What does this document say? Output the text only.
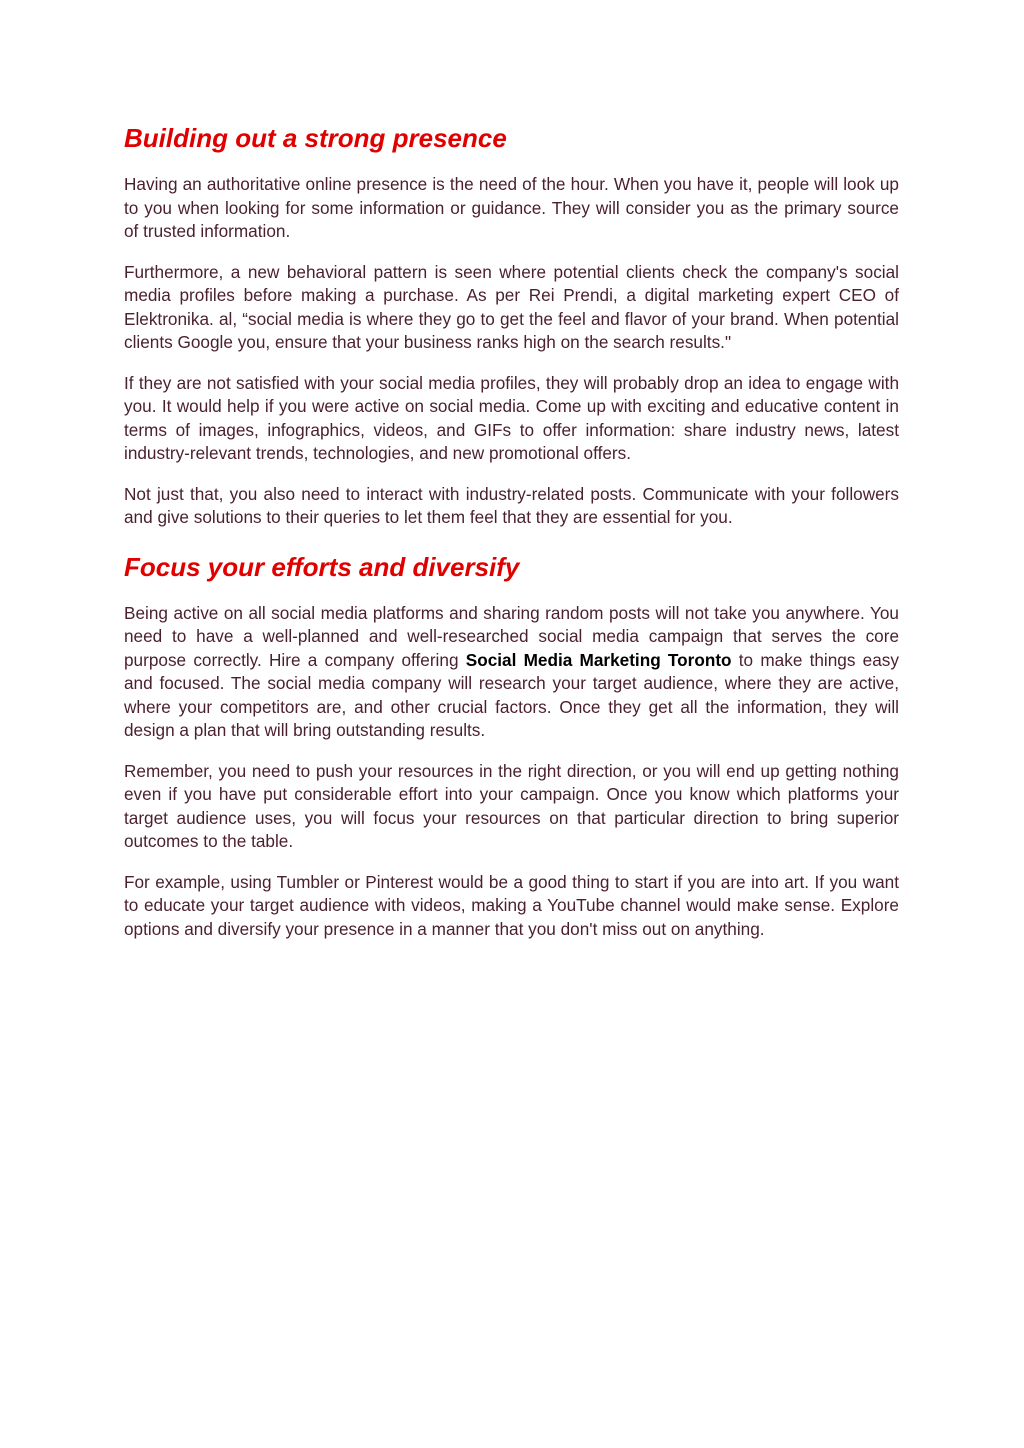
Building out a strong presence

Having an authoritative online presence is the need of the hour. When you have it, people will look up to you when looking for some information or guidance. They will consider you as the primary source of trusted information.

Furthermore, a new behavioral pattern is seen where potential clients check the company's social media profiles before making a purchase. As per Rei Prendi, a digital marketing expert CEO of Elektronika. al, “social media is where they go to get the feel and flavor of your brand. When potential clients Google you, ensure that your business ranks high on the search results."

If they are not satisfied with your social media profiles, they will probably drop an idea to engage with you. It would help if you were active on social media. Come up with exciting and educative content in terms of images, infographics, videos, and GIFs to offer information: share industry news, latest industry-relevant trends, technologies, and new promotional offers.

Not just that, you also need to interact with industry-related posts. Communicate with your followers and give solutions to their queries to let them feel that they are essential for you.

Focus your efforts and diversify

Being active on all social media platforms and sharing random posts will not take you anywhere. You need to have a well-planned and well-researched social media campaign that serves the core purpose correctly. Hire a company offering Social Media Marketing Toronto to make things easy and focused. The social media company will research your target audience, where they are active, where your competitors are, and other crucial factors. Once they get all the information, they will design a plan that will bring outstanding results.

Remember, you need to push your resources in the right direction, or you will end up getting nothing even if you have put considerable effort into your campaign. Once you know which platforms your target audience uses, you will focus your resources on that particular direction to bring superior outcomes to the table.

For example, using Tumbler or Pinterest would be a good thing to start if you are into art. If you want to educate your target audience with videos, making a YouTube channel would make sense. Explore options and diversify your presence in a manner that you don't miss out on anything.
